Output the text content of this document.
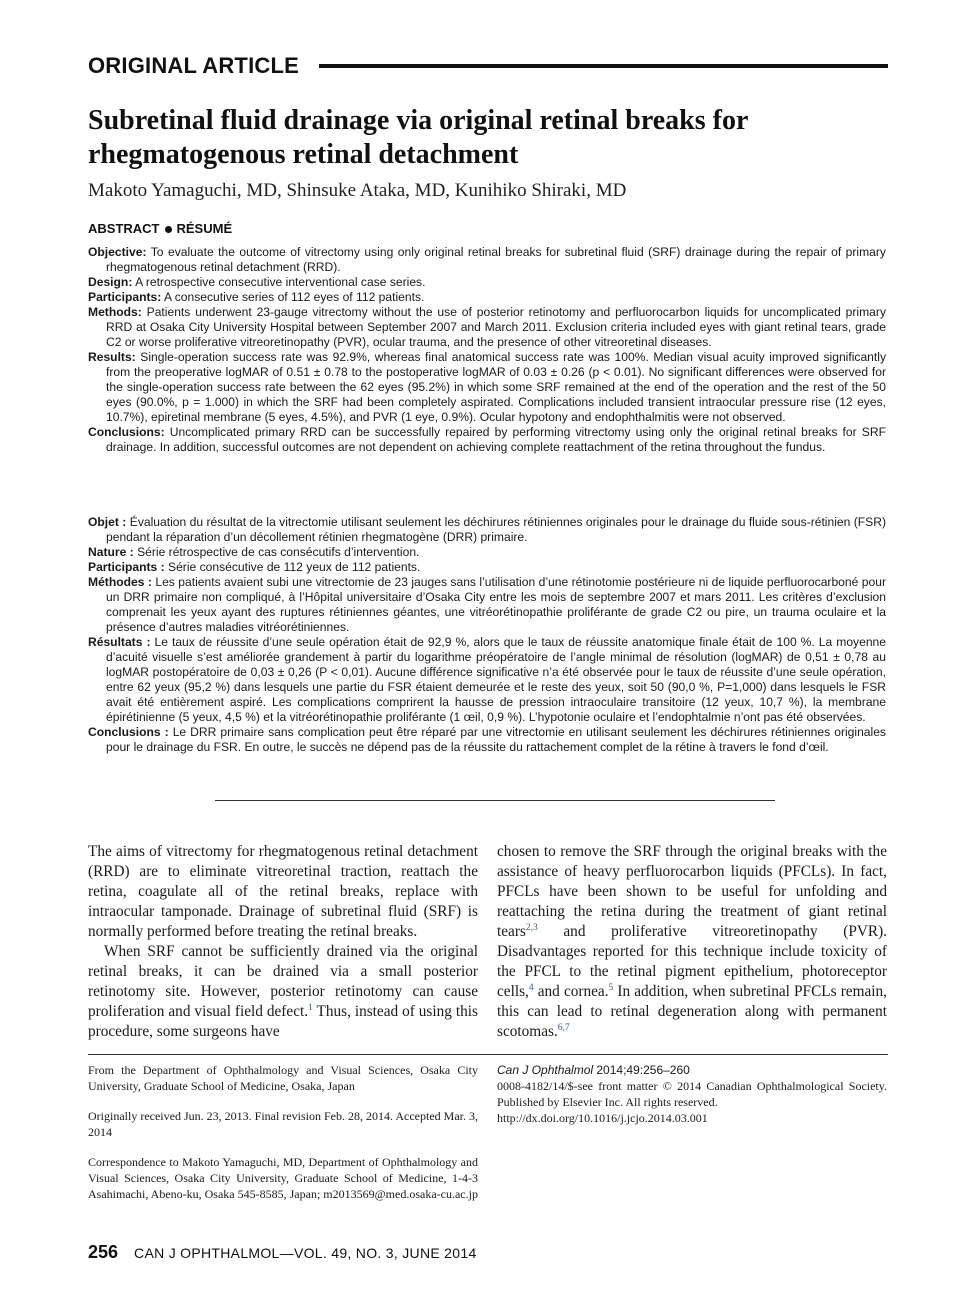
ORIGINAL ARTICLE
Subretinal fluid drainage via original retinal breaks for rhegmatogenous retinal detachment
Makoto Yamaguchi, MD, Shinsuke Ataka, MD, Kunihiko Shiraki, MD
ABSTRACT RÉSUMÉ

Objective: To evaluate the outcome of vitrectomy using only original retinal breaks for subretinal fluid (SRF) drainage during the repair of primary rhegmatogenous retinal detachment (RRD).

Design: A retrospective consecutive interventional case series.

Participants: A consecutive series of 112 eyes of 112 patients.

Methods: Patients underwent 23-gauge vitrectomy without the use of posterior retinotomy and perfluorocarbon liquids for uncomplicated primary RRD at Osaka City University Hospital between September 2007 and March 2011. Exclusion criteria included eyes with giant retinal tears, grade C2 or worse proliferative vitreoretinopathy (PVR), ocular trauma, and the presence of other vitreoretinal diseases.

Results: Single-operation success rate was 92.9%, whereas final anatomical success rate was 100%. Median visual acuity improved significantly from the preoperative logMAR of 0.51 ± 0.78 to the postoperative logMAR of 0.03 ± 0.26 (p < 0.01). No significant differences were observed for the single-operation success rate between the 62 eyes (95.2%) in which some SRF remained at the end of the operation and the rest of the 50 eyes (90.0%, p = 1.000) in which the SRF had been completely aspirated. Complications included transient intraocular pressure rise (12 eyes, 10.7%), epiretinal membrane (5 eyes, 4.5%), and PVR (1 eye, 0.9%). Ocular hypotony and endophthalmitis were not observed.

Conclusions: Uncomplicated primary RRD can be successfully repaired by performing vitrectomy using only the original retinal breaks for SRF drainage. In addition, successful outcomes are not dependent on achieving complete reattachment of the retina throughout the fundus.

Objet : Évaluation du résultat de la vitrectomie utilisant seulement les déchirures rétiniennes originales pour le drainage du fluide sous-rétinien (FSR) pendant la réparation d’un décollement rétinien rhegmatogène (DRR) primaire.

Nature : Série rétrospective de cas consécutifs d’intervention.

Participants : Série consécutive de 112 yeux de 112 patients.

Méthodes : Les patients avaient subi une vitrectomie de 23 jauges sans l’utilisation d’une rétinotomie postérieure ni de liquide perfluorocarboné pour un DRR primaire non compliqué, à l’Hôpital universitaire d’Osaka City entre les mois de septembre 2007 et mars 2011. Les critères d’exclusion comprenait les yeux ayant des ruptures rétiniennes géantes, une vitréorétinopathie proliférante de grade C2 ou pire, un trauma oculaire et la présence d’autres maladies vitréorétiniennes.

Résultats : Le taux de réussite d’une seule opération était de 92,9 %, alors que le taux de réussite anatomique finale était de 100 %. La moyenne d’acuité visuelle s’est améliorée grandement à partir du logarithme préopératoire de l’angle minimal de résolution (logMAR) de 0,51 ± 0,78 au logMAR postopératoire de 0,03 ± 0,26 (P < 0,01). Aucune différence significative n’a été observée pour le taux de réussite d’une seule opération, entre 62 yeux (95,2 %) dans lesquels une partie du FSR étaient demeurée et le reste des yeux, soit 50 (90,0 %, P=1,000) dans lesquels le FSR avait été entièrement aspiré. Les complications comprirent la hausse de pression intraoculaire transitoire (12 yeux, 10,7 %), la membrane épirétinienne (5 yeux, 4,5 %) et la vitréorétinopathie proliférante (1 œil, 0,9 %). L’hypotonie oculaire et l’endophtalmie n’ont pas été observées.

Conclusions : Le DRR primaire sans complication peut être réparé par une vitrectomie en utilisant seulement les déchirures rétiniennes originales pour le drainage du FSR. En outre, le succès ne dépend pas de la réussite du rattachement complet de la rétine à travers le fond d’œil.

The aims of vitrectomy for rhegmatogenous retinal detachment (RRD) are to eliminate vitreoretinal traction, reattach the retina, coagulate all of the retinal breaks, replace with intraocular tamponade. Drainage of subretinal fluid (SRF) is normally performed before treating the retinal breaks.

When SRF cannot be sufficiently drained via the original retinal breaks, it can be drained via a small posterior retinotomy site. However, posterior retinotomy can cause proliferation and visual field defect.$^1$ Thus, instead of using this procedure, some surgeons have

chosen to remove the SRF through the original breaks with the assistance of heavy perfluorocarbon liquids (PFCLs). In fact, PFCLs have been shown to be useful for unfolding and reattaching the retina during the treatment of giant retinal tears$^{2,3}$ and proliferative vitreoretinopathy (PVR). Disadvantages reported for this technique include toxicity of the PFCL to the retinal pigment epithelium, photoreceptor cells,$^4$ and cornea.$^5$ In addition, when subretinal PFCLs remain, this can lead to retinal degeneration along with permanent scotomas.$^{6,7}$

From the Department of Ophthalmology and Visual Sciences, Osaka City University, Graduate School of Medicine, Osaka, Japan

Originally received Jun. 23, 2013. Final revision Feb. 28, 2014. Accepted Mar. 3, 2014

Correspondence to Makoto Yamaguchi, MD, Department of Ophthalmology and Visual Sciences, Osaka City University, Graduate School of Medicine, 1-4-3 Asahimachi, Abeno-ku, Osaka 545-8585, Japan; m2013569@med.osaka-cu.ac.jp

Can J Ophthalmol 2014;49:256–260

0008-4182/14/$-see front matter © 2014 Canadian Ophthalmological Society. Published by Elsevier Inc. All rights reserved.
http://dx.doi.org/10.1016/j.jcjo.2014.03.001

256 CAN J OPHTHALMOL—VOL. 49, NO. 3, JUNE 2014
